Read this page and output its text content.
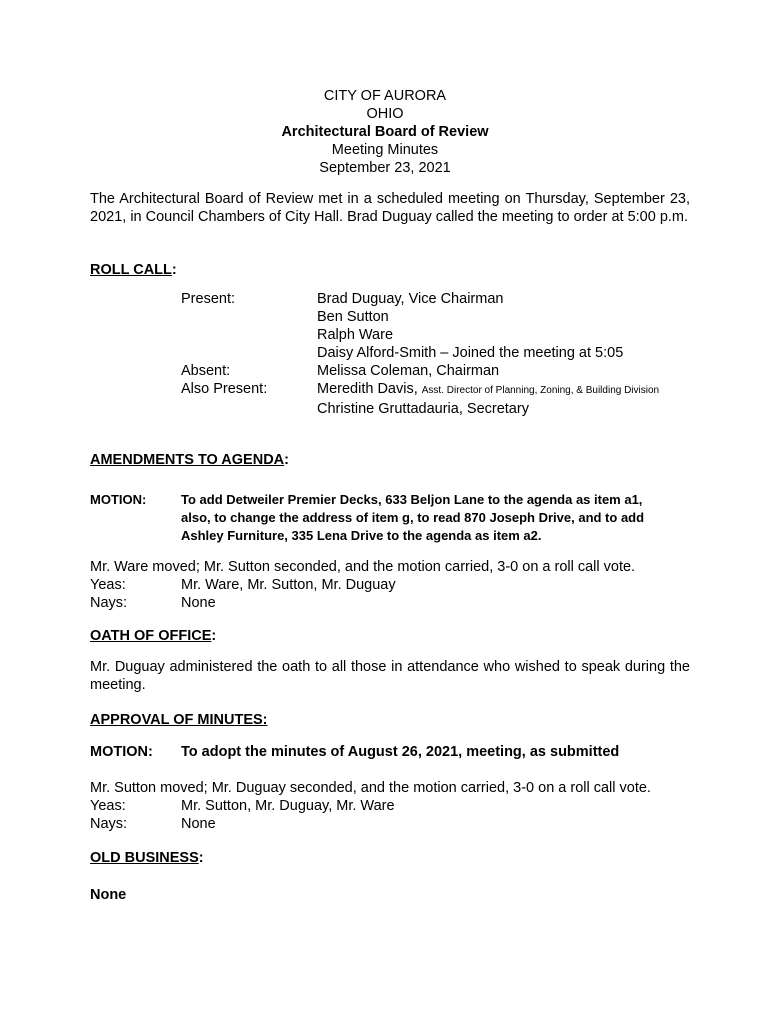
CITY OF AURORA
OHIO
Architectural Board of Review
Meeting Minutes
September 23, 2021
The Architectural Board of Review met in a scheduled meeting on Thursday, September 23, 2021, in Council Chambers of City Hall. Brad Duguay called the meeting to order at 5:00 p.m.
ROLL CALL:
Present:	Brad Duguay, Vice Chairman
Ben Sutton
Ralph Ware
Daisy Alford-Smith – Joined the meeting at 5:05
Absent:	Melissa Coleman, Chairman
Also Present:	Meredith Davis, Asst. Director of Planning, Zoning, & Building Division
Christine Gruttadauria, Secretary
AMENDMENTS TO AGENDA:
MOTION:	To add Detweiler Premier Decks, 633 Beljon Lane to the agenda as item a1,
also, to change the address of item g, to read 870 Joseph Drive, and to add
Ashley Furniture, 335 Lena Drive to the agenda as item a2.
Mr. Ware moved; Mr. Sutton seconded, and the motion carried, 3-0 on a roll call vote.
Yeas:	Mr. Ware, Mr. Sutton, Mr. Duguay
Nays:	None
OATH OF OFFICE:
Mr. Duguay administered the oath to all those in attendance who wished to speak during the meeting.
APPROVAL OF MINUTES:
MOTION: To adopt the minutes of August 26, 2021, meeting, as submitted
Mr. Sutton moved; Mr. Duguay seconded, and the motion carried, 3-0 on a roll call vote.
Yeas:	Mr. Sutton, Mr. Duguay, Mr. Ware
Nays:	None
OLD BUSINESS:
None
